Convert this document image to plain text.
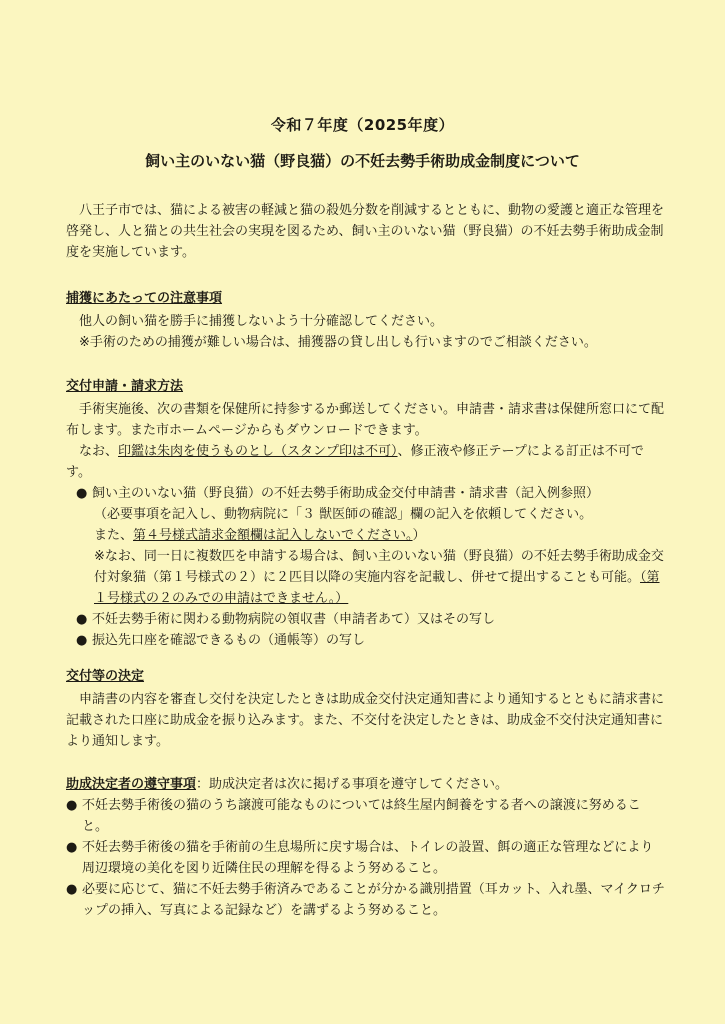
令和７年度（2025年度）
飼い主のいない猫（野良猫）の不妊去勢手術助成金制度について
八王子市では、猫による被害の軽減と猫の殺処分数を削減するとともに、動物の愛護と適正な管理を啓発し、人と猫との共生社会の実現を図るため、飼い主のいない猫（野良猫）の不妊去勢手術助成金制度を実施しています。
捕獲にあたっての注意事項
他人の飼い猫を勝手に捕獲しないよう十分確認してください。
※手術のための捕獲が難しい場合は、捕獲器の貸し出しも行いますのでご相談ください。
交付申請・請求方法
手術実施後、次の書類を保健所に持参するか郵送してください。申請書・請求書は保健所窓口にて配布します。また市ホームページからもダウンロードできます。
なお、印鑑は朱肉を使うものとし（スタンプ印は不可）、修正液や修正テープによる訂正は不可です。
● 飼い主のいない猫（野良猫）の不妊去勢手術助成金交付申請書・請求書（記入例参照）
（必要事項を記入し、動物病院に「３ 獣医師の確認」欄の記入を依頼してください。
また、第４号様式請求金額欄は記入しないでください。）
※なお、同一日に複数匹を申請する場合は、飼い主のいない猫（野良猫）の不妊去勢手術助成金交付対象猫（第１号様式の２）に２匹目以降の実施内容を記載し、併せて提出することも可能。（第１号様式の２のみでの申請はできません。）
● 不妊去勢手術に関わる動物病院の領収書（申請者あて）又はその写し
● 振込先口座を確認できるもの（通帳等）の写し
交付等の決定
申請書の内容を審査し交付を決定したときは助成金交付決定通知書により通知するとともに請求書に記載された口座に助成金を振り込みます。また、不交付を決定したときは、助成金不交付決定通知書により通知します。
助成決定者の遵守事項：助成決定者は次に掲げる事項を遵守してください。
● 不妊去勢手術後の猫のうち譲渡可能なものについては終生屋内飼養をする者への譲渡に努めること。
● 不妊去勢手術後の猫を手術前の生息場所に戻す場合は、トイレの設置、餌の適正な管理などにより周辺環境の美化を図り近隣住民の理解を得るよう努めること。
● 必要に応じて、猫に不妊去勢手術済みであることが分かる識別措置（耳カット、入れ墨、マイクロチップの挿入、写真による記録など）を講ずるよう努めること。
